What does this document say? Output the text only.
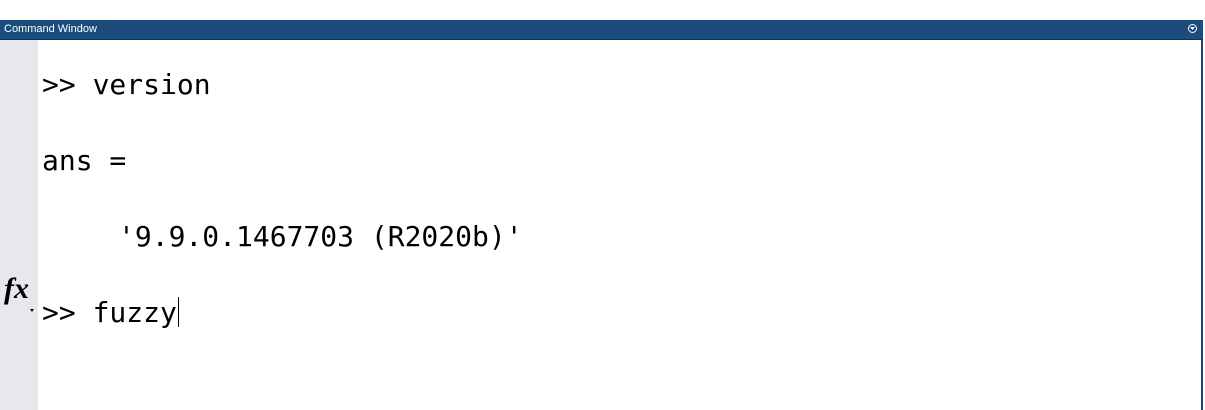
Command Window
>> version
ans =
'9.9.0.1467703 (R2020b)'
>> fuzzy
fx
